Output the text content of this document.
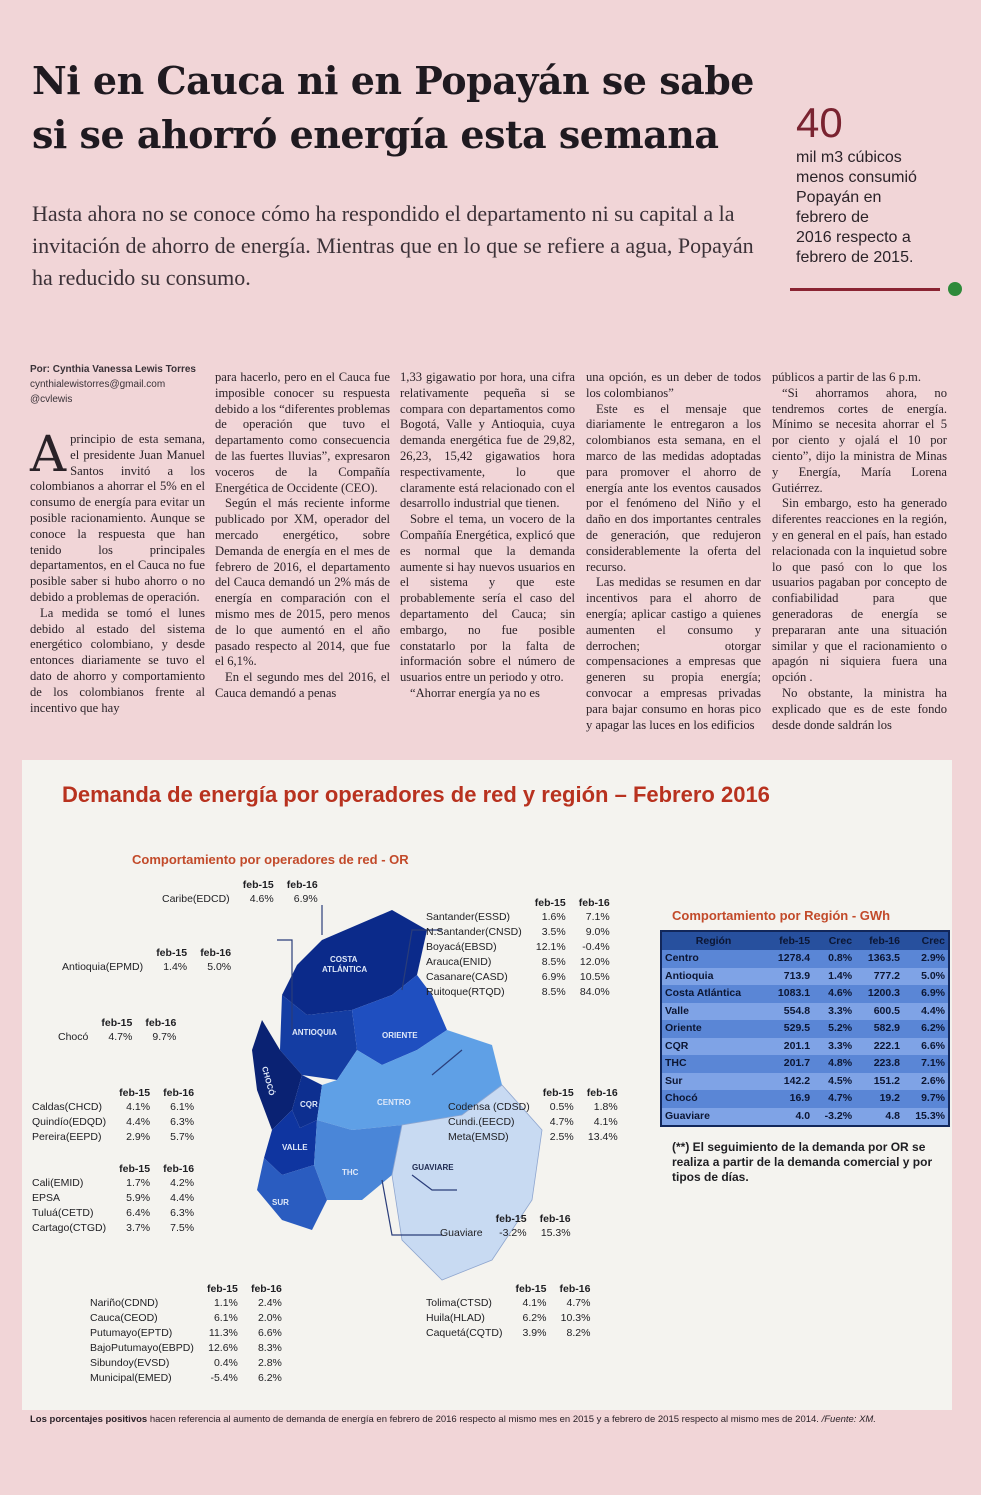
Ni en Cauca ni en Popayán se sabe
si se ahorró energía esta semana	40
mil m3 cúbicos
menos consumió
Popayán en
febrero de
2016 respecto a
febrero de 2015.

Hasta ahora no se conoce cómo ha respondido el departamento ni su capital a la invitación de ahorro de energía. Mientras que en lo que se refiere a agua, Popayán ha reducido su consumo.

Por: Cynthia Vanessa Lewis Torres
cynthialewistorres@gmail.com
@cvlewis

Aprincipio de esta semana, el presidente Juan Manuel Santos invitó a los colombianos a ahorrar el 5% en el consumo de energía para evitar un posible racionamiento. Aunque se conoce la respuesta que han tenido los principales departamentos, en el Cauca no fue posible saber si hubo ahorro o no debido a problemas de operación.

La medida se tomó el lunes debido al estado del sistema energético colombiano, y desde entonces diariamente se tuvo el dato de ahorro y comportamiento de los colombianos frente al incentivo que hay

para hacerlo, pero en el Cauca fue imposible conocer su respuesta debido a los “diferentes problemas de operación que tuvo el departamento como consecuencia de las fuertes lluvias”, expresaron voceros de la Compañía Energética de Occidente (CEO).

Según el más reciente informe publicado por XM, operador del mercado energético, sobre Demanda de energía en el mes de febrero de 2016, el departamento del Cauca demandó un 2% más de energía en comparación con el mismo mes de 2015, pero menos de lo que aumentó en el año pasado respecto al 2014, que fue el 6,1%.

En el segundo mes del 2016, el Cauca demandó a penas

1,33 gigawatio por hora, una cifra relativamente pequeña si se compara con departamentos como Bogotá, Valle y Antioquia, cuya demanda energética fue de 29,82, 26,23, 15,42 gigawatios hora respectivamente, lo que claramente está relacionado con el desarrollo industrial que tienen.

Sobre el tema, un vocero de la Compañía Energética, explicó que es normal que la demanda aumente si hay nuevos usuarios en el sistema y que este probablemente sería el caso del departamento del Cauca; sin embargo, no fue posible constatarlo por la falta de información sobre el número de usuarios entre un periodo y otro.

“Ahorrar energía ya no es

una opción, es un deber de todos los colombianos”

Este es el mensaje que diariamente le entregaron a los colombianos esta semana, en el marco de las medidas adoptadas para promover el ahorro de energía ante los eventos causados por el fenómeno del Niño y el daño en dos importantes centrales de generación, que redujeron considerablemente la oferta del recurso.

Las medidas se resumen en dar incentivos para el ahorro de energía; aplicar castigo a quienes aumenten el consumo y derrochen; otorgar compensaciones a empresas que generen su propia energía; convocar a empresas privadas para bajar consumo en horas pico y apagar las luces en los edificios

públicos a partir de las 6 p.m.

“Si ahorramos ahora, no tendremos cortes de energía. Mínimo se necesita ahorrar el 5 por ciento y ojalá el 10 por ciento”, dijo la ministra de Minas y Energía, María Lorena Gutiérrez.

Sin embargo, esto ha generado diferentes reacciones en la región, y en general en el país, han estado relacionada con la inquietud sobre lo que pasó con lo que los usuarios pagaban por concepto de confiabilidad para que generadoras de energía se prepararan ante una situación similar y que el racionamiento o apagón ni siquiera fuera una opción .

No obstante, la ministra ha explicado que es de este fondo desde donde saldrán los

Demanda de energía por operadores de red y región – Febrero 2016
Comportamiento por operadores de red - OR
Comportamiento por Región - GWh
COSTA
ATLÁNTICA
ANTIOQUIA	ORIENTE
CHOCÓ
CQR
VALLE
CENTRO
SUR
THC
GUAVIARE
	feb-15	feb-16
Caribe(EDCD)	4.6%	6.9%
	feb-15	feb-16
Antioquia(EPMD)	1.4%	5.0%
	feb-15	feb-16
Chocó	4.7%	9.7%
	feb-15	feb-16
Caldas(CHCD)	4.1%	6.1%
Quindío(EDQD)	4.4%	6.3%
Pereira(EEPD)	2.9%	5.7%
	feb-15	feb-16
Cali(EMID)	1.7%	4.2%
EPSA	5.9%	4.4%
Tuluá(CETD)	6.4%	6.3%
Cartago(CTGD)	3.7%	7.5%
	feb-15	feb-16
Nariño(CDND)	1.1%	2.4%
Cauca(CEOD)	6.1%	2.0%
Putumayo(EPTD)	11.3%	6.6%
BajoPutumayo(EBPD)	12.6%	8.3%
Sibundoy(EVSD)	0.4%	2.8%
Municipal(EMED)	-5.4%	6.2%
	feb-15	feb-16
Santander(ESSD)	1.6%	7.1%
N.Santander(CNSD)	3.5%	9.0%
Boyacá(EBSD)	12.1%	-0.4%
Arauca(ENID)	8.5%	12.0%
Casanare(CASD)	6.9%	10.5%
Ruitoque(RTQD)	8.5%	84.0%
	feb-15	feb-16
Codensa (CDSD)	0.5%	1.8%
Cundi.(EECD)	4.7%	4.1%
Meta(EMSD)	2.5%	13.4%
	feb-15	feb-16
Guaviare	-3.2%	15.3%
	feb-15	feb-16
Tolima(CTSD)	4.1%	4.7%
Huila(HLAD)	6.2%	10.3%
Caquetá(CQTD)	3.9%	8.2%
Región	feb-15	Crec	feb-16	Crec
Centro	1278.4	0.8%	1363.5	2.9%
Antioquia	713.9	1.4%	777.2	5.0%
Costa Atlántica	1083.1	4.6%	1200.3	6.9%
Valle	554.8	3.3%	600.5	4.4%
Oriente	529.5	5.2%	582.9	6.2%
CQR	201.1	3.3%	222.1	6.6%
THC	201.7	4.8%	223.8	7.1%
Sur	142.2	4.5%	151.2	2.6%
Chocó	16.9	4.7%	19.2	9.7%
Guaviare	4.0	-3.2%	4.8	15.3%
(**) El seguimiento de la demanda por OR se realiza a partir de la demanda comercial y por tipos de días.
Los porcentajes positivos hacen referencia al aumento de demanda de energía en febrero de 2016 respecto al mismo mes en 2015 y a febrero de 2015 respecto al mismo mes de 2014. /Fuente: XM.
